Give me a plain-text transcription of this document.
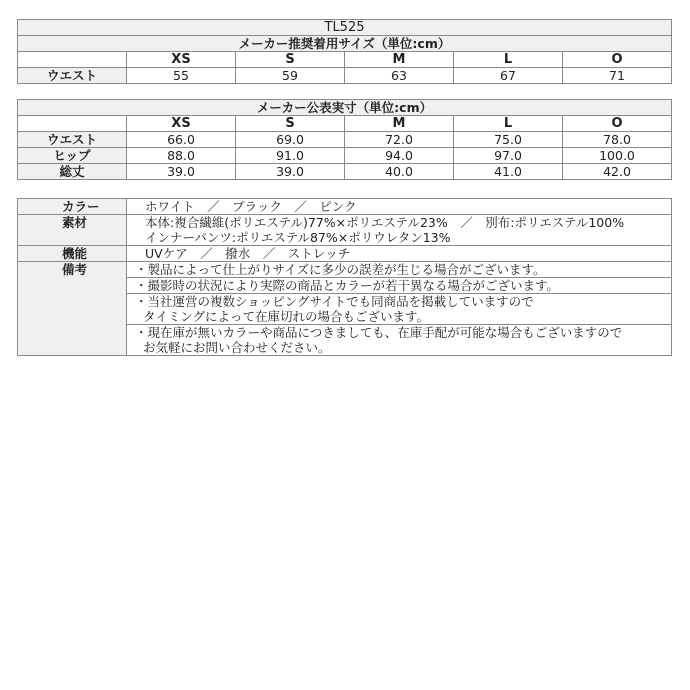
TL525					
メーカー推奨着用サイズ（単位:cm）					
	XS	S	M	L	O
ウエスト	55	59	63	67	71
メーカー公表実寸（単位:cm）					
	XS	S	M	L	O
ウエスト	66.0	69.0	72.0	75.0	78.0
ヒップ	88.0	91.0	94.0	97.0	100.0
総丈	39.0	39.0	40.0	41.0	42.0
カラー	ホワイト　／　ブラック　／　ピンク
素材	本体:複合繊維(ポリエステル)77%×ポリエステル23%　／　別布:ポリエステル100%
インナーパンツ:ポリエステル87%×ポリウレタン13%

機能	UVケア　／　撥水　／　ストレッチ
備考	・製品によって仕上がりサイズに多少の誤差が生じる場合がございます。

	・撮影時の状況により実際の商品とカラーが若干異なる場合がございます。

	・当社運営の複数ショッピングサイトでも同商品を掲載していますので
タイミングによって在庫切れの場合もございます。

	・現在庫が無いカラーや商品につきましても、在庫手配が可能な場合もございますので
お気軽にお問い合わせください。
